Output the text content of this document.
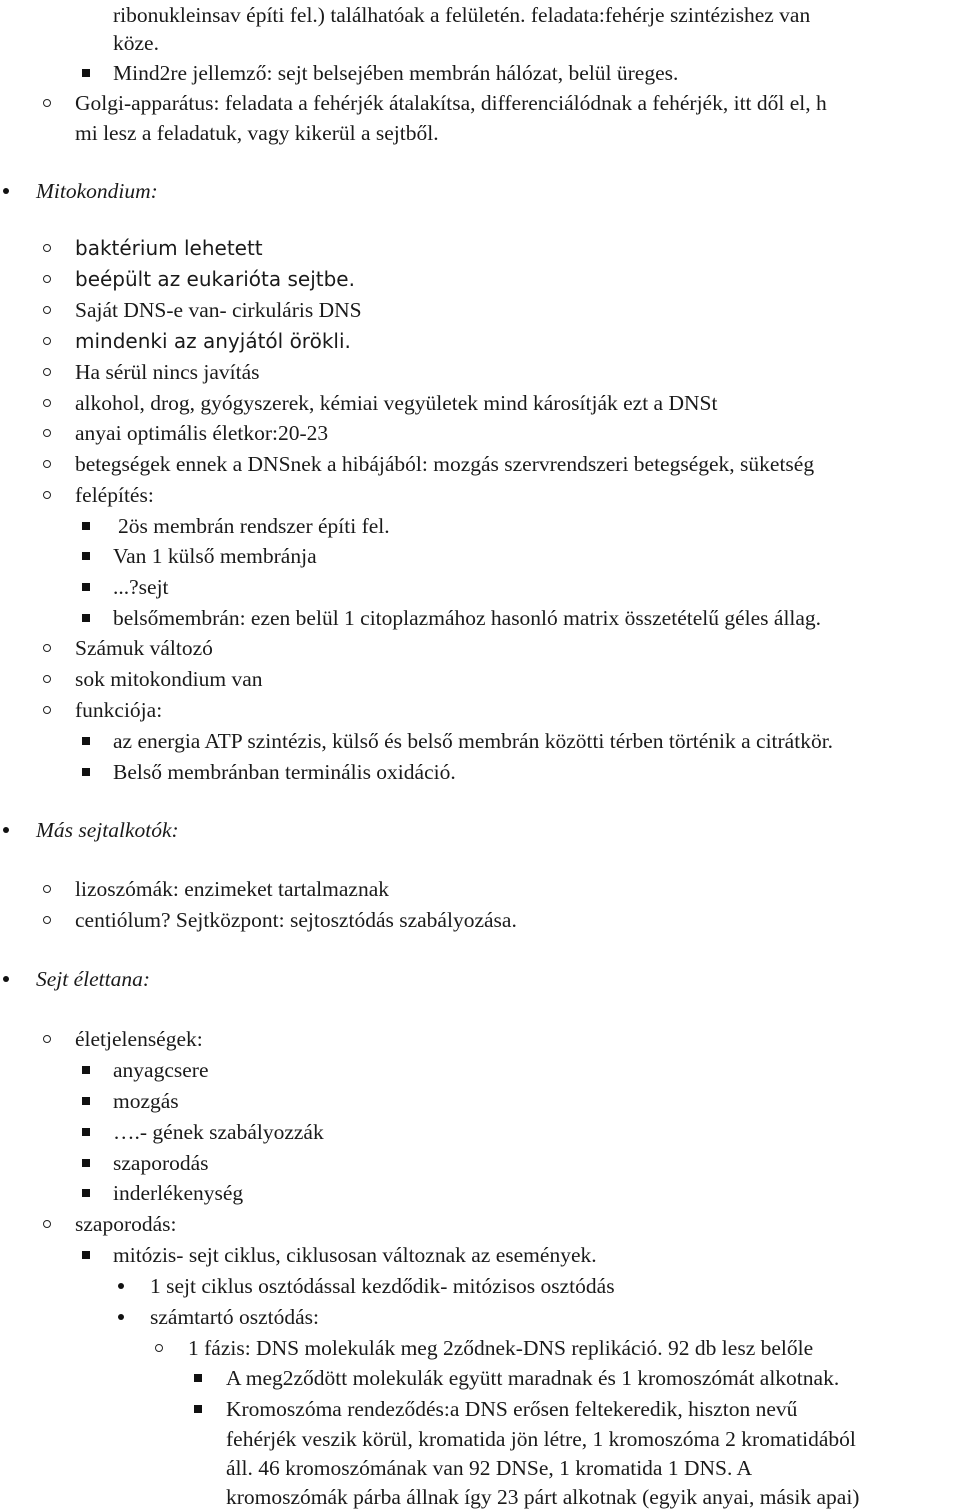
ribonukleinsav építi fel.) találhatóak a felületén. feladata:fehérje szintézishez van
köze.
Mind2re jellemző: sejt belsejében membrán hálózat, belül üreges.
Golgi-apparátus: feladata a fehérjék átalakítsa, differenciálódnak a fehérjék, itt dől el, h
mi lesz a feladatuk, vagy kikerül a sejtből.
Mitokondium:
baktérium lehetett
beépült az eukarióta sejtbe.
Saját DNS-e van- cirkuláris DNS
mindenki az anyjától örökli.
Ha sérül nincs javítás
alkohol, drog, gyógyszerek, kémiai vegyületek mind károsítják ezt a DNSt
anyai optimális életkor:20-23
betegségek ennek a DNSnek a hibájából: mozgás szervrendszeri betegségek, süketség
felépítés:
2ös membrán rendszer építi fel.
Van 1 külső membránja
...?sejt
belsőmembrán: ezen belül 1 citoplazmához hasonló matrix összetételű géles állag.
Számuk változó
sok mitokondium van
funkciója:
az energia ATP szintézis, külső és belső membrán közötti térben történik a citrátkör.
Belső membránban terminális oxidáció.
Más sejtalkotók:
lizoszómák: enzimeket tartalmaznak
centiólum? Sejtközpont: sejtosztódás szabályozása.
Sejt élettana:
életjelenségek:
anyagcsere
mozgás
….- gének szabályozzák
szaporodás
inderlékenység
szaporodás:
mitózis- sejt ciklus, ciklusosan változnak az események.
1 sejt ciklus osztódással kezdődik- mitózisos osztódás
számtartó osztódás:
1 fázis: DNS molekulák meg 2ződnek-DNS replikáció. 92 db lesz belőle
A meg2ződött molekulák együtt maradnak és 1 kromoszómát alkotnak.
Kromoszóma rendeződés:a DNS erősen feltekeredik, hiszton nevű
fehérjék veszik körül, kromatida jön létre, 1 kromoszóma 2 kromatidából
áll. 46 kromoszómának van 92 DNSe, 1 kromatida 1 DNS. A
kromoszómák párba állnak így 23 párt alkotnak (egyik anyai, másik apai)
